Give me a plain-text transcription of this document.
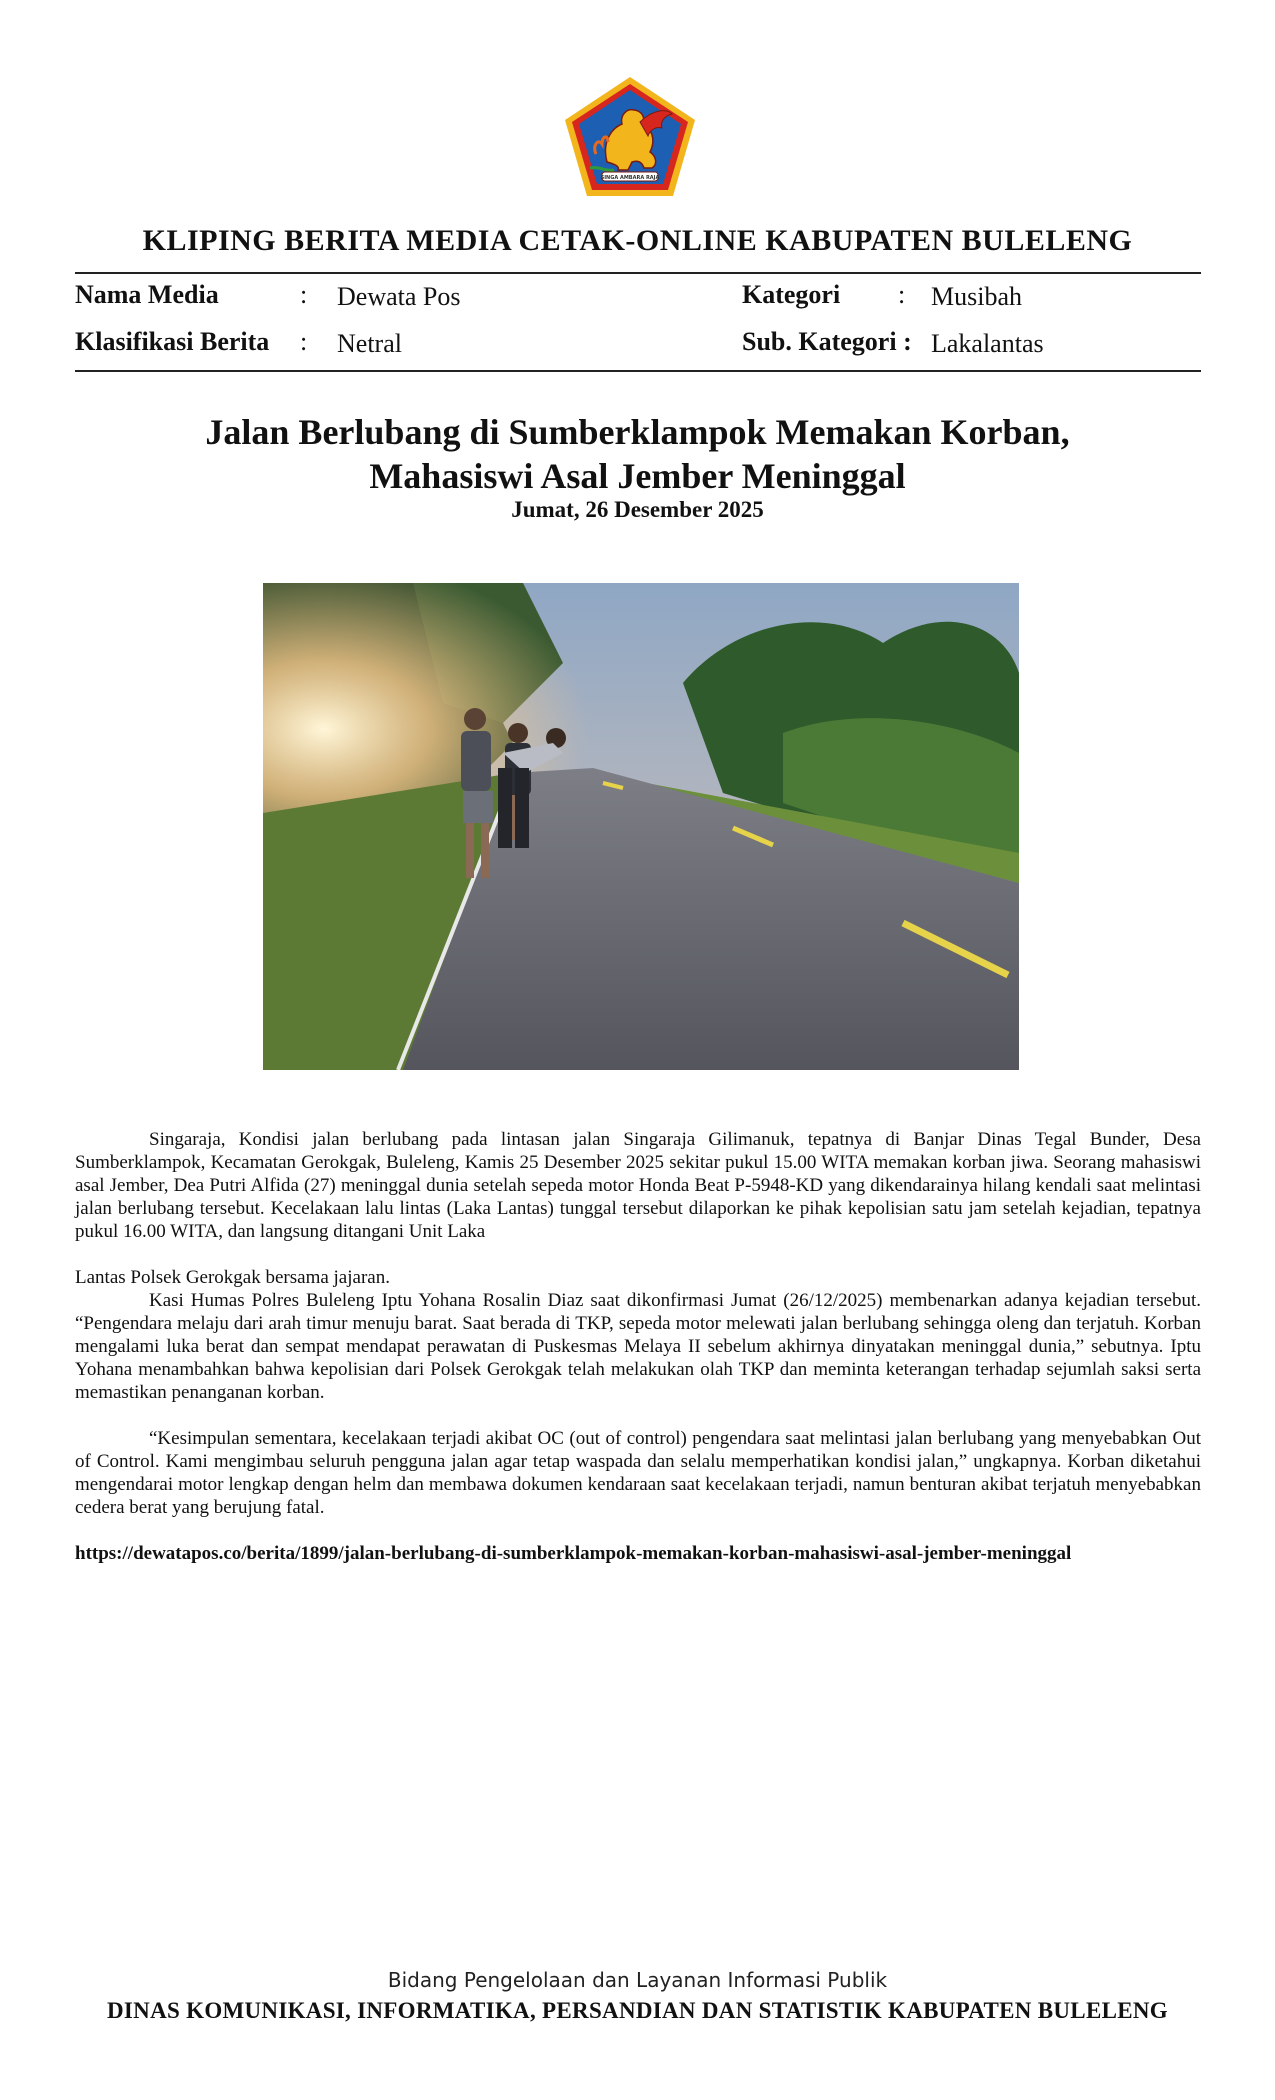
SINGA AMBARA RAJA
KLIPING BERITA MEDIA CETAK-ONLINE KABUPATEN BULELENG
Nama Media	: Dewata Pos
Klasifikasi Berita : Netral
Kategori : Musibah
Sub. Kategori : Lakalantas
Jalan Berlubang di Sumberklampok Memakan Korban,
Mahasiswi Asal Jember Meninggal
Jumat, 26 Desember 2025

Singaraja, Kondisi jalan berlubang pada lintasan jalan Singaraja Gilimanuk, tepatnya di Banjar Dinas Tegal Bunder, Desa Sumberklampok, Kecamatan Gerokgak, Buleleng, Kamis 25 Desember 2025 sekitar pukul 15.00 WITA memakan korban jiwa. Seorang mahasiswi asal Jember, Dea Putri Alfida (27) meninggal dunia setelah sepeda motor Honda Beat P-5948-KD yang dikendarainya hilang kendali saat melintasi jalan berlubang tersebut. Kecelakaan lalu lintas (Laka Lantas) tunggal tersebut dilaporkan ke pihak kepolisian satu jam setelah kejadian, tepatnya pukul 16.00 WITA, dan langsung ditangani Unit Laka

Lantas Polsek Gerokgak bersama jajaran.

Kasi Humas Polres Buleleng Iptu Yohana Rosalin Diaz saat dikonfirmasi Jumat (26/12/2025) membenarkan adanya kejadian tersebut. “Pengendara melaju dari arah timur menuju barat. Saat berada di TKP, sepeda motor melewati jalan berlubang sehingga oleng dan terjatuh. Korban mengalami luka berat dan sempat mendapat perawatan di Puskesmas Melaya II sebelum akhirnya dinyatakan meninggal dunia,” sebutnya. Iptu Yohana menambahkan bahwa kepolisian dari Polsek Gerokgak telah melakukan olah TKP dan meminta keterangan terhadap sejumlah saksi serta memastikan penanganan korban.

“Kesimpulan sementara, kecelakaan terjadi akibat OC (out of control) pengendara saat melintasi jalan berlubang yang menyebabkan Out of Control. Kami mengimbau seluruh pengguna jalan agar tetap waspada dan selalu memperhatikan kondisi jalan,” ungkapnya. Korban diketahui mengendarai motor lengkap dengan helm dan membawa dokumen kendaraan saat kecelakaan terjadi, namun benturan akibat terjatuh menyebabkan cedera berat yang berujung fatal.

https://dewatapos.co/berita/1899/jalan-berlubang-di-sumberklampok-memakan-korban-mahasiswi-asal-jember-meninggal

Bidang Pengelolaan dan Layanan Informasi Publik
DINAS KOMUNIKASI, INFORMATIKA, PERSANDIAN DAN STATISTIK KABUPATEN BULELENG
